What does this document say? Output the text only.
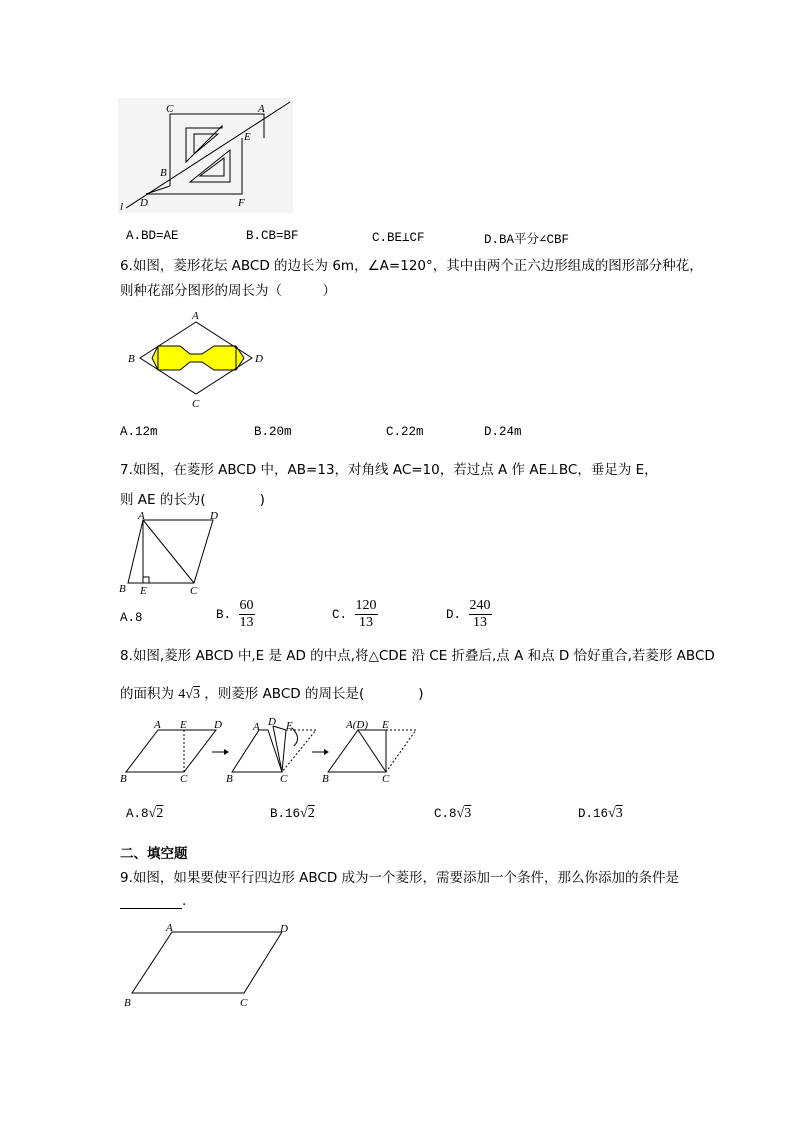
C	A
E
B
l D	F
A.BD=AE	B.CB=BF	C.BE⊥CF	D.BA平分∠CBF
6.如图，菱形花坛 ABCD 的边长为 6m，∠A=120°，其中由两个正六边形组成的图形部分种花，
则种花部分图形的周长为（　　　）
A
B
C
D
A.12m	B.20m	C.22m	D.24m
7.如图，在菱形 ABCD 中，AB=13，对角线 AC=10，若过点 A 作 AE⊥BC，垂足为 E，
则 AE 的长为(　　　　)
A	D
B E	C
A.8	B. $\frac{60}{13}$	C. $\frac{120}{13}$	D. $\frac{240}{13}$
8.如图,菱形 ABCD 中,E 是 AD 的中点,将△CDE 沿 CE 折叠后,点 A 和点 D 恰好重合,若菱形 ABCD
的面积为 4√3 ，则菱形 ABCD 的周长是(　　　　)
A E D
B	C
A D E
B	C
A(D) E
B	C
A.8√2	B.16√2	C.8√3	D.16√3
二、填空题
9.如图，如果要使平行四边形 ABCD 成为一个菱形，需要添加一个条件，那么你添加的条件是
.
A	D
B	C
